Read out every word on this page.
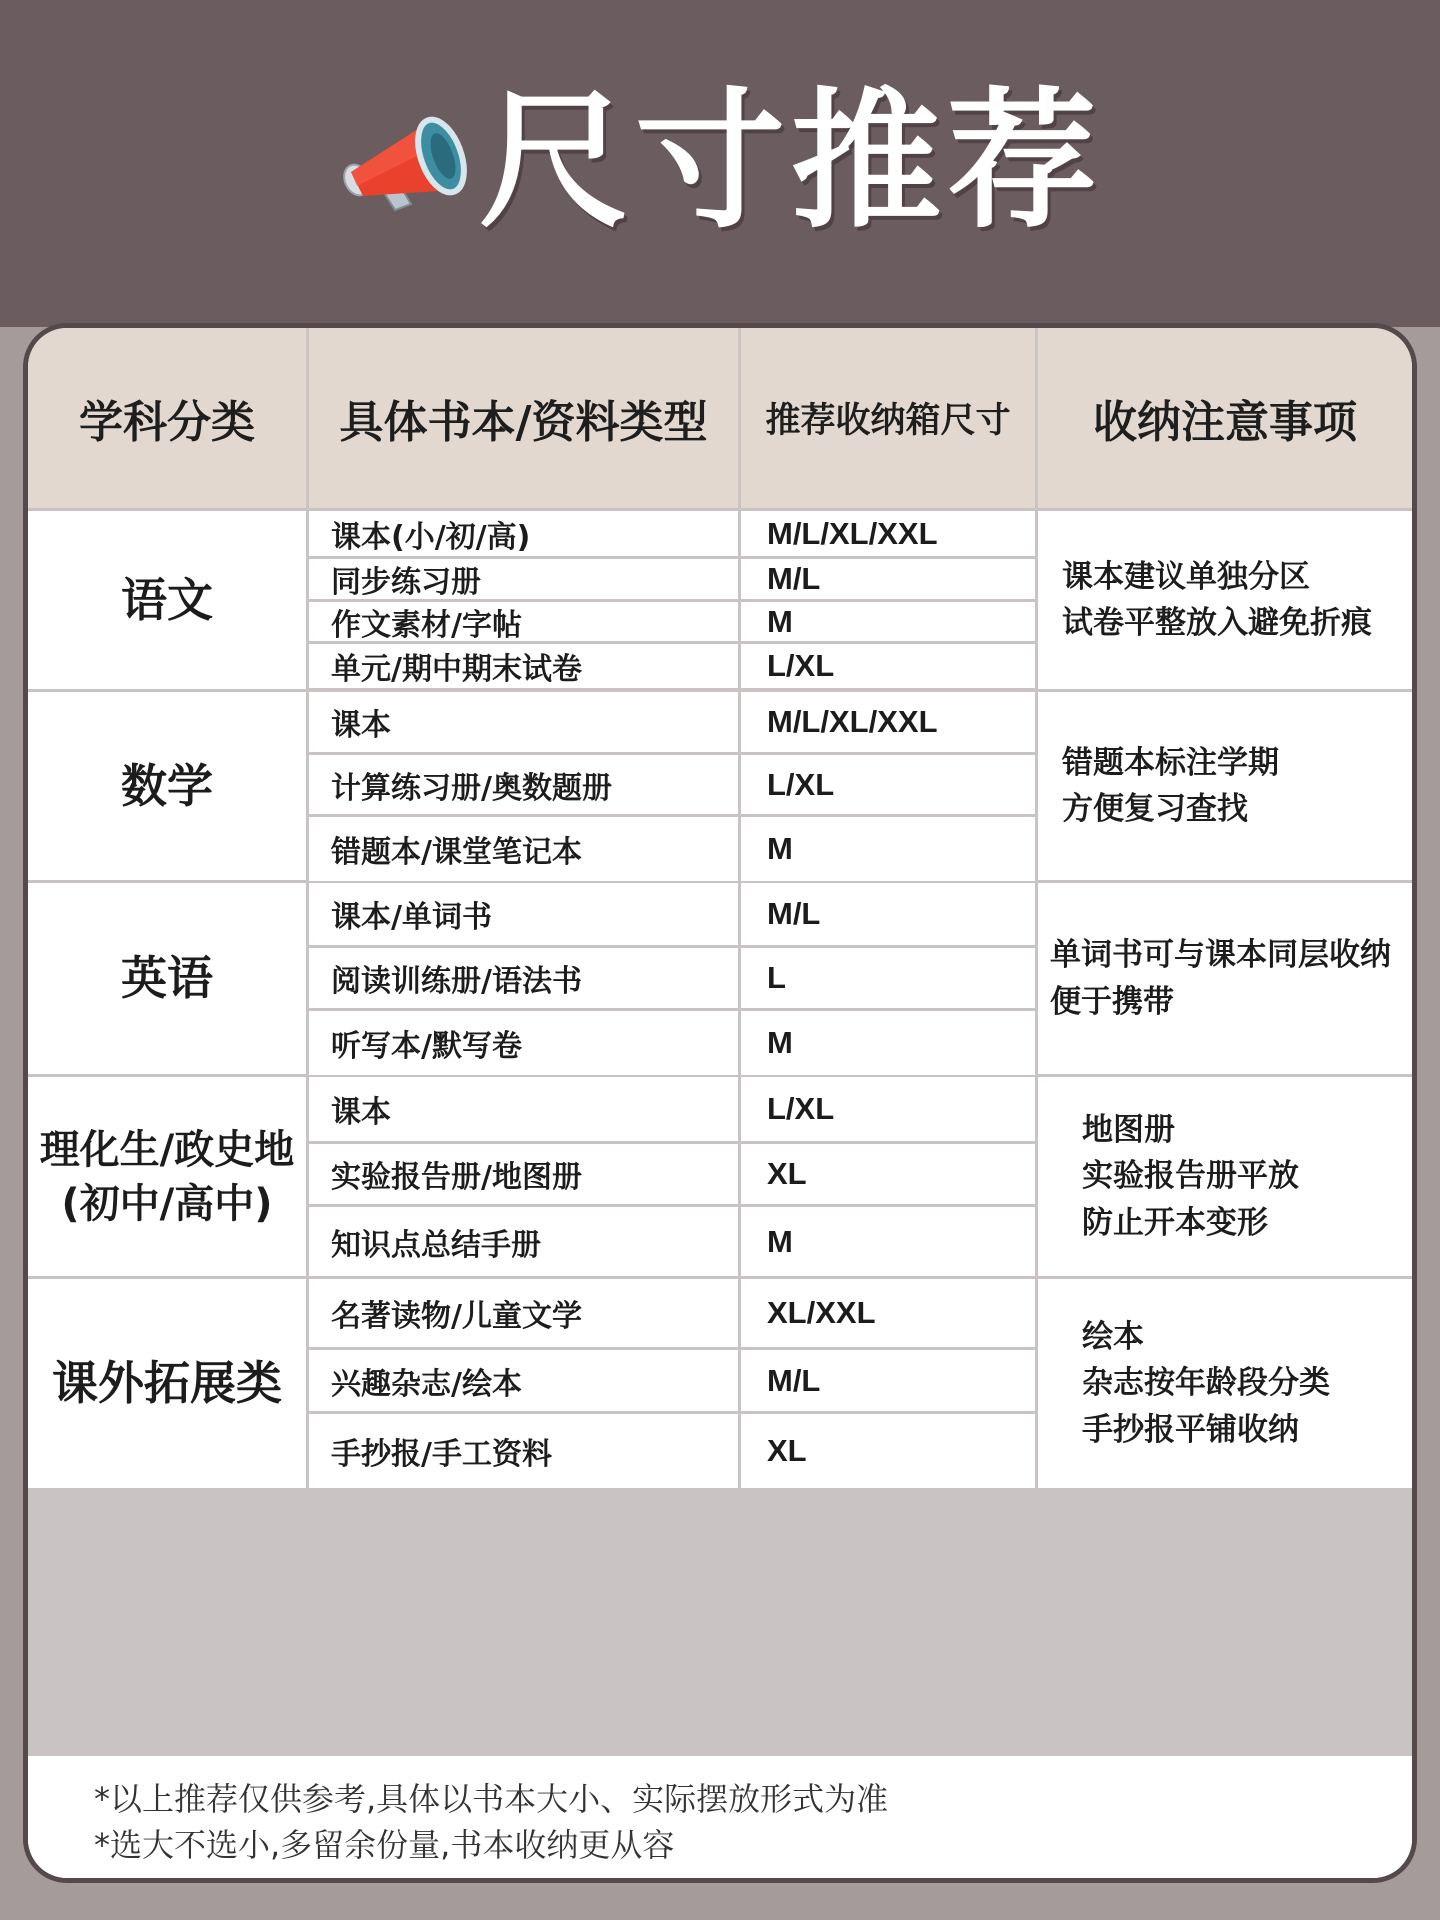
尺寸推荐
学科分类	具体书本/资料类型	推荐收纳箱尺寸	收纳注意事项
语文
课本(小/初/高)	M/L/XL/XXL
同步练习册	M/L
作文素材/字帖	M
单元/期中期末试卷	L/XL
课本建议单独分区
试卷平整放入避免折痕
数学
课本	M/L/XL/XXL
计算练习册/奥数题册	L/XL
错题本/课堂笔记本	M
错题本标注学期
方便复习查找
英语
课本/单词书	M/L
阅读训练册/语法书	L
听写本/默写卷	M
单词书可与课本同层收纳
便于携带
理化生/政史地
(初中/高中)
课本	L/XL
实验报告册/地图册	XL
知识点总结手册	M
地图册
实验报告册平放
防止开本变形
课外拓展类
名著读物/儿童文学	XL/XXL
兴趣杂志/绘本	M/L
手抄报/手工资料	XL
绘本
杂志按年龄段分类
手抄报平铺收纳
*以上推荐仅供参考,具体以书本大小、实际摆放形式为准
*选大不选小,多留余份量,书本收纳更从容
